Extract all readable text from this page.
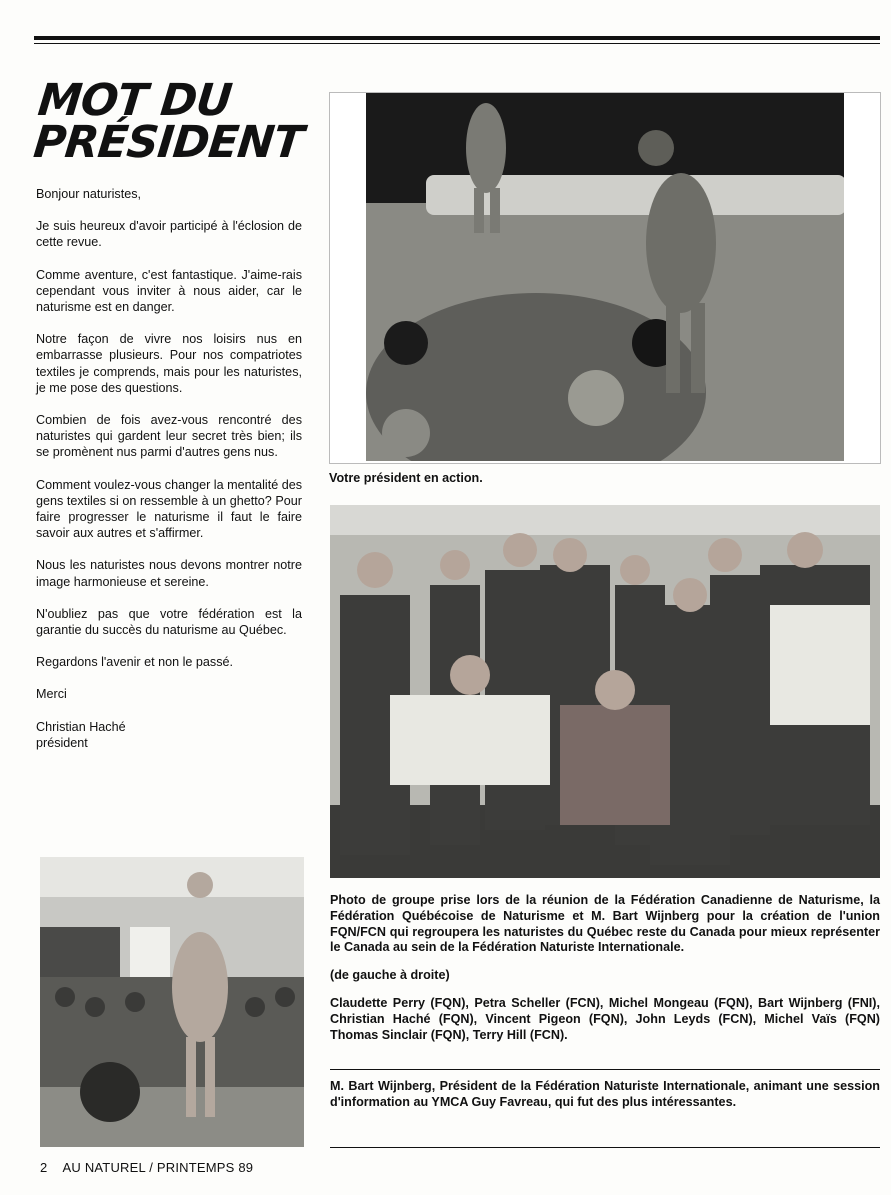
MOT DU PRÉSIDENT

Bonjour naturistes,

Je suis heureux d'avoir participé à l'éclosion de cette revue.

Comme aventure, c'est fantastique. J'aime-rais cependant vous inviter à nous aider, car le naturisme est en danger.

Notre façon de vivre nos loisirs nus en embarrasse plusieurs. Pour nos compatriotes textiles je comprends, mais pour les naturistes, je me pose des questions.

Combien de fois avez-vous rencontré des naturistes qui gardent leur secret très bien; ils se promènent nus parmi d'autres gens nus.

Comment voulez-vous changer la mentalité des gens textiles si on ressemble à un ghetto? Pour faire progresser le naturisme il faut le faire savoir aux autres et s'affirmer.

Nous les naturistes nous devons montrer notre image harmonieuse et sereine.

N'oubliez pas que votre fédération est la garantie du succès du naturisme au Québec.

Regardons l'avenir et non le passé.

Merci

Christian Haché

président

Votre président en action.

Photo de groupe prise lors de la réunion de la Fédération Canadienne de Naturisme, la Fédération Québécoise de Naturisme et M. Bart Wijnberg pour la création de l'union FQN/FCN qui regroupera les naturistes du Québec reste du Canada pour mieux représenter le Canada au sein de la Fédération Naturiste Internationale.

(de gauche à droite)

Claudette Perry (FQN), Petra Scheller (FCN), Michel Mongeau (FQN), Bart Wijnberg (FNI), Christian Haché (FQN), Vincent Pigeon (FQN), John Leyds (FCN), Michel Vaïs (FQN) Thomas Sinclair (FQN), Terry Hill (FCN).

M. Bart Wijnberg, Président de la Fédération Naturiste Internationale, animant une session d'information au YMCA Guy Favreau, qui fut des plus intéressantes.
2 AU NATUREL / PRINTEMPS 89
